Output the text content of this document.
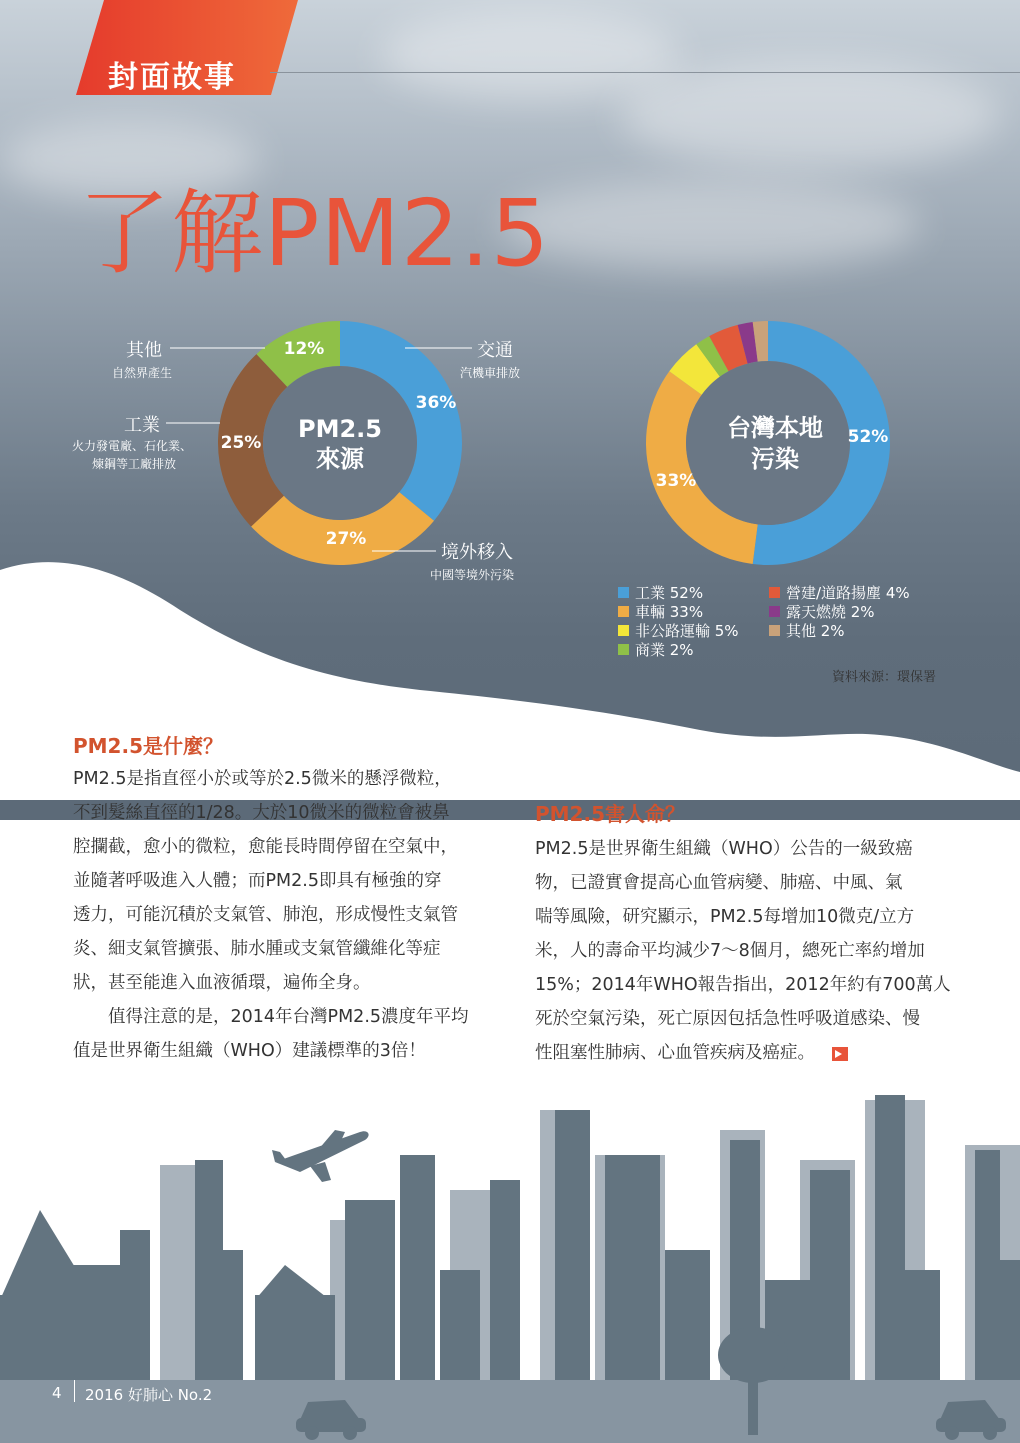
封面故事
了解PM2.5
PM2.5
來源
36%
27%
25%
12%	交通
汽機車排放
境外移入
中國等境外污染
工業
火力發電廠、石化業、
煉鋼等工廠排放
其他
自然界產生
台灣本地
污染
52%
33%
工業 52%
車輛 33%
非公路運輸 5%
商業 2%
營建/道路揚塵 4%
露天燃燒 2%
其他 2%
資料來源：環保署
PM2.5是什麼？

PM2.5是指直徑小於或等於2.5微米的懸浮微粒，

不到髮絲直徑的1/28。大於10微米的微粒會被鼻

腔攔截，愈小的微粒，愈能長時間停留在空氣中，

並隨著呼吸進入人體；而PM2.5即具有極強的穿

透力，可能沉積於支氣管、肺泡，形成慢性支氣管

炎、細支氣管擴張、肺水腫或支氣管纖維化等症

狀，甚至能進入血液循環，遍佈全身。

　　值得注意的是，2014年台灣PM2.5濃度年平均

值是世界衛生組織（WHO）建議標準的3倍！

PM2.5害人命？

PM2.5是世界衛生組織（WHO）公告的一級致癌

物，已證實會提高心血管病變、肺癌、中風、氣

喘等風險，研究顯示，PM2.5每增加10微克/立方

米，人的壽命平均減少7～8個月，總死亡率約增加

15%；2014年WHO報告指出，2012年約有700萬人

死於空氣污染，死亡原因包括急性呼吸道感染、慢

性阻塞性肺病、心血管疾病及癌症。

4 2016 好肺心 No.2
